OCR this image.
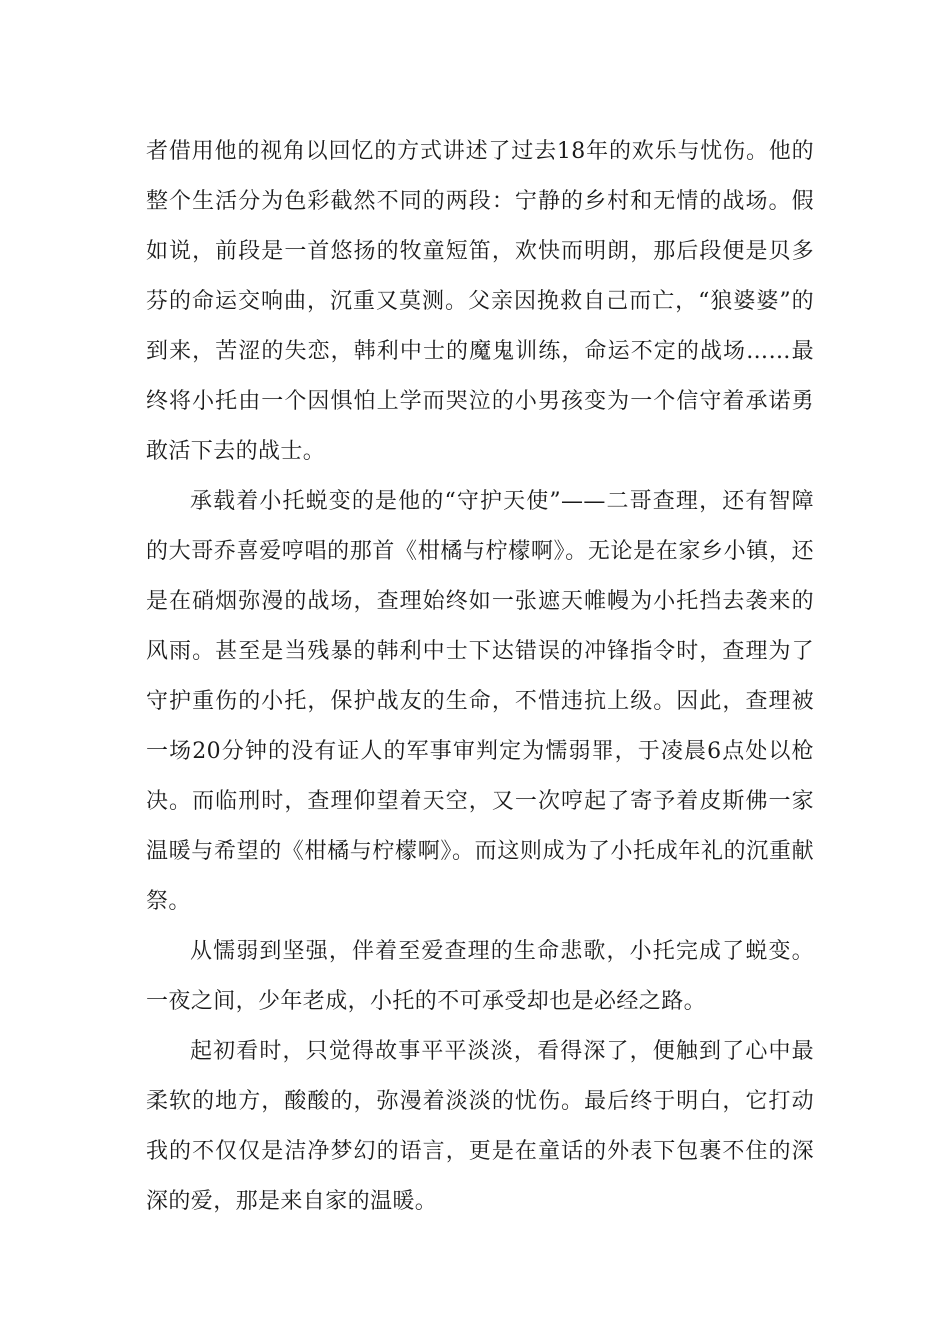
者借用他的视角以回忆的方式讲述了过去18年的欢乐与忧伤。他的整个生活分为色彩截然不同的两段：宁静的乡村和无情的战场。假如说，前段是一首悠扬的牧童短笛，欢快而明朗，那后段便是贝多芬的命运交响曲，沉重又莫测。父亲因挽救自己而亡，“狼婆婆”的到来，苦涩的失恋，韩利中士的魔鬼训练，命运不定的战场……最终将小托由一个因惧怕上学而哭泣的小男孩变为一个信守着承诺勇敢活下去的战士。

承载着小托蜕变的是他的“守护天使”——二哥查理，还有智障的大哥乔喜爱哼唱的那首《柑橘与柠檬啊》。无论是在家乡小镇，还是在硝烟弥漫的战场，查理始终如一张遮天帷幔为小托挡去袭来的风雨。甚至是当残暴的韩利中士下达错误的冲锋指令时，查理为了守护重伤的小托，保护战友的生命，不惜违抗上级。因此，查理被一场20分钟的没有证人的军事审判定为懦弱罪，于凌晨6点处以枪决。而临刑时，查理仰望着天空，又一次哼起了寄予着皮斯佛一家温暖与希望的《柑橘与柠檬啊》。而这则成为了小托成年礼的沉重献祭。

从懦弱到坚强，伴着至爱查理的生命悲歌，小托完成了蜕变。一夜之间，少年老成，小托的不可承受却也是必经之路。

起初看时，只觉得故事平平淡淡，看得深了，便触到了心中最柔软的地方，酸酸的，弥漫着淡淡的忧伤。最后终于明白，它打动我的不仅仅是洁净梦幻的语言，更是在童话的外表下包裹不住的深深的爱，那是来自家的温暖。
